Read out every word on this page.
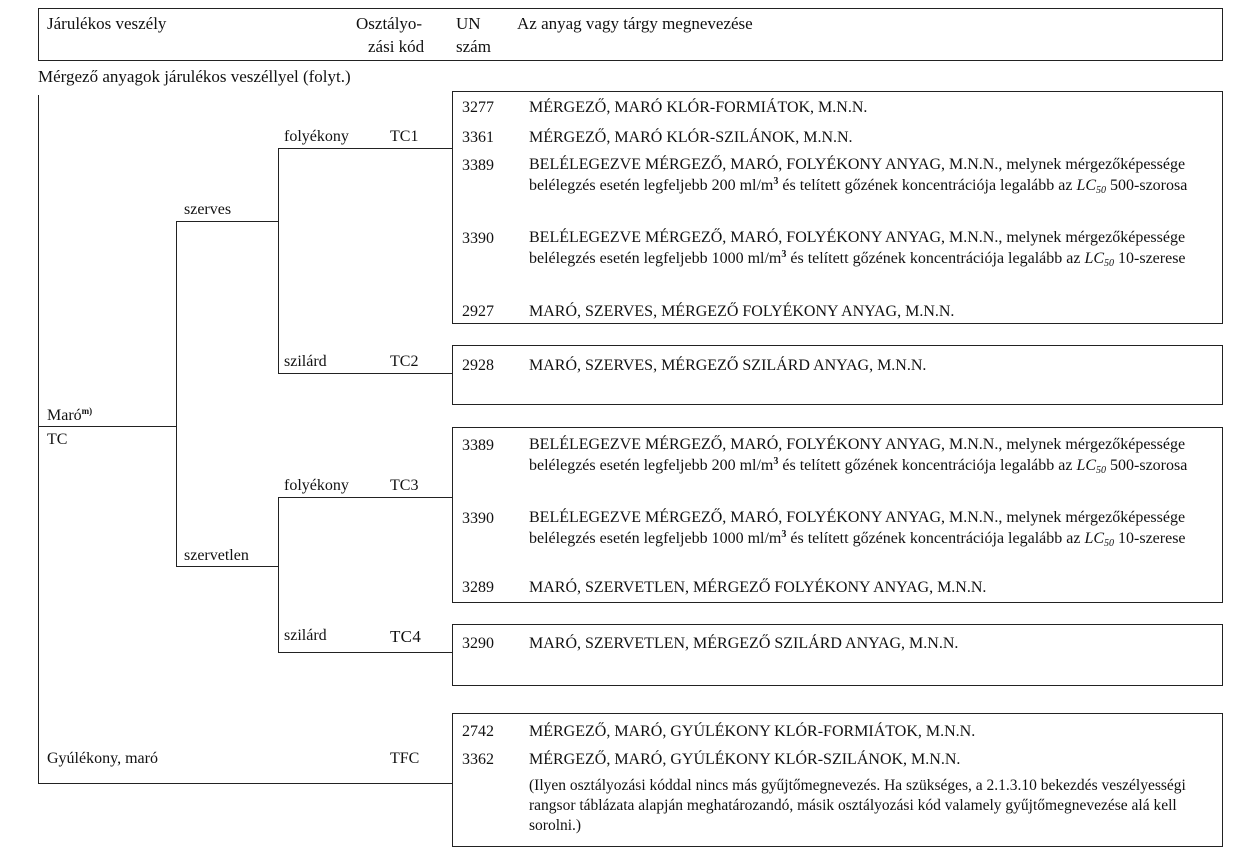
Járulékos veszély	Osztályo-
zási kód
UN
szám
Az anyag vagy tárgy megnevezése
Mérgező anyagok járulékos veszéllyel (folyt.)
Maró$^{m)}$
TC
szerves
szervetlen
folyékony
szilárd
folyékony
szilárd
Gyúlékony, maró
TC1
TC2
TC3
TC4
TFC
3277 MÉRGEZŐ, MARÓ KLÓR-FORMIÁTOK, M.N.N.
3361 MÉRGEZŐ, MARÓ KLÓR-SZILÁNOK, M.N.N.
3389 BELÉLEGEZVE MÉRGEZŐ, MARÓ, FOLYÉKONY ANYAG, M.N.N., melynek mérgezőképessége belélegzés esetén legfeljebb 200 $ml/m^3$ és telített gőzének koncentrációja legalább az $LC_{50}$ 500-szorosa
3390 BELÉLEGEZVE MÉRGEZŐ, MARÓ, FOLYÉKONY ANYAG, M.N.N., melynek mérgezőképessége belélegzés esetén legfeljebb 1000 $ml/m^3$ és telített gőzének koncentrációja legalább az $LC_{50}$ 10-szerese
2927 MARÓ, SZERVES, MÉRGEZŐ FOLYÉKONY ANYAG, M.N.N.
2928 MARÓ, SZERVES, MÉRGEZŐ SZILÁRD ANYAG, M.N.N.
3389 BELÉLEGEZVE MÉRGEZŐ, MARÓ, FOLYÉKONY ANYAG, M.N.N., melynek mérgezőképessége belélegzés esetén legfeljebb 200 $ml/m^3$ és telített gőzének koncentrációja legalább az $LC_{50}$ 500-szorosa
3390 BELÉLEGEZVE MÉRGEZŐ, MARÓ, FOLYÉKONY ANYAG, M.N.N., melynek mérgezőképessége belélegzés esetén legfeljebb 1000 $ml/m^3$ és telített gőzének koncentrációja legalább az $LC_{50}$ 10-szerese
3289 MARÓ, SZERVETLEN, MÉRGEZŐ FOLYÉKONY ANYAG, M.N.N.
3290 MARÓ, SZERVETLEN, MÉRGEZŐ SZILÁRD ANYAG, M.N.N.
2742 MÉRGEZŐ, MARÓ, GYÚLÉKONY KLÓR-FORMIÁTOK, M.N.N.
3362 MÉRGEZŐ, MARÓ, GYÚLÉKONY KLÓR-SZILÁNOK, M.N.N.
(Ilyen osztályozási kóddal nincs más gyűjtőmegnevezés. Ha szükséges, a 2.1.3.10 bekezdés veszélyességi rangsor táblázata alapján meghatározandó, másik osztályozási kód valamely gyűjtőmegnevezése alá kell sorolni.)
